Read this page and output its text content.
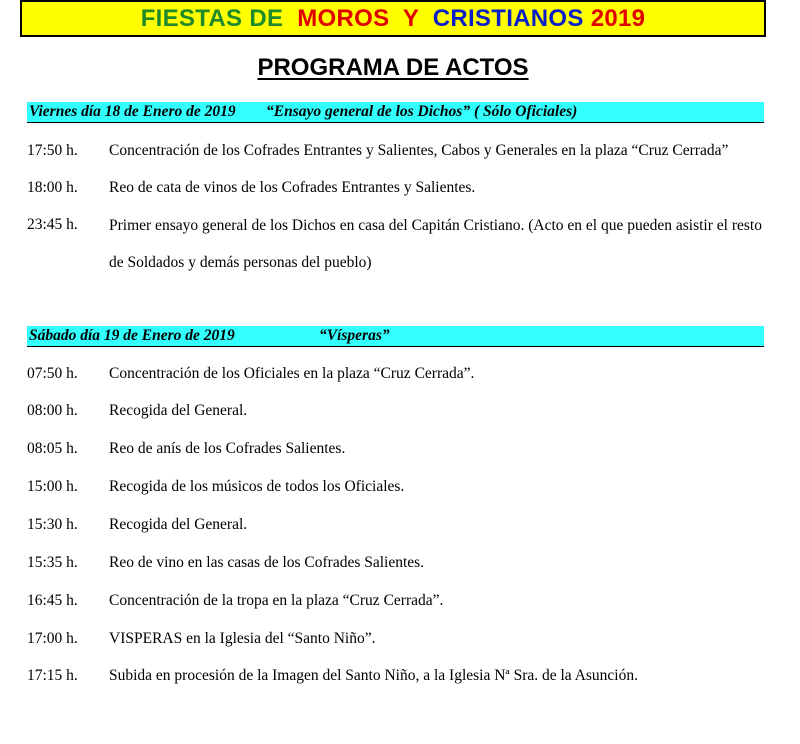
FIESTAS DE MOROS  Y CRISTIANOS 2019
PROGRAMA DE ACTOS
Viernes día 18 de Enero de 2019 “Ensayo general de los Dichos” ( Sólo Oficiales)
17:50 h. Concentración de los Cofrades Entrantes y Salientes, Cabos y Generales en la plaza “Cruz Cerrada”
18:00 h. Reo de cata de vinos de los Cofrades Entrantes y Salientes.
23:45 h. Primer ensayo general de los Dichos en casa del Capitán Cristiano. (Acto en el que pueden asistir el resto de Soldados y demás personas del pueblo)
Sábado día 19 de Enero de 2019	“Vísperas”
07:50 h. Concentración de los Oficiales en la plaza “Cruz Cerrada”.
08:00 h. Recogida del General.
08:05 h. Reo de anís de los Cofrades Salientes.
15:00 h. Recogida de los músicos de todos los Oficiales.
15:30 h. Recogida del General.
15:35 h. Reo de vino en las casas de los Cofrades Salientes.
16:45 h. Concentración de la tropa en la plaza “Cruz Cerrada”.
17:00 h. VISPERAS en la Iglesia del “Santo Niño”.
17:15 h. Subida en procesión de la Imagen del Santo Niño, a la Iglesia Nª Sra. de la Asunción.
